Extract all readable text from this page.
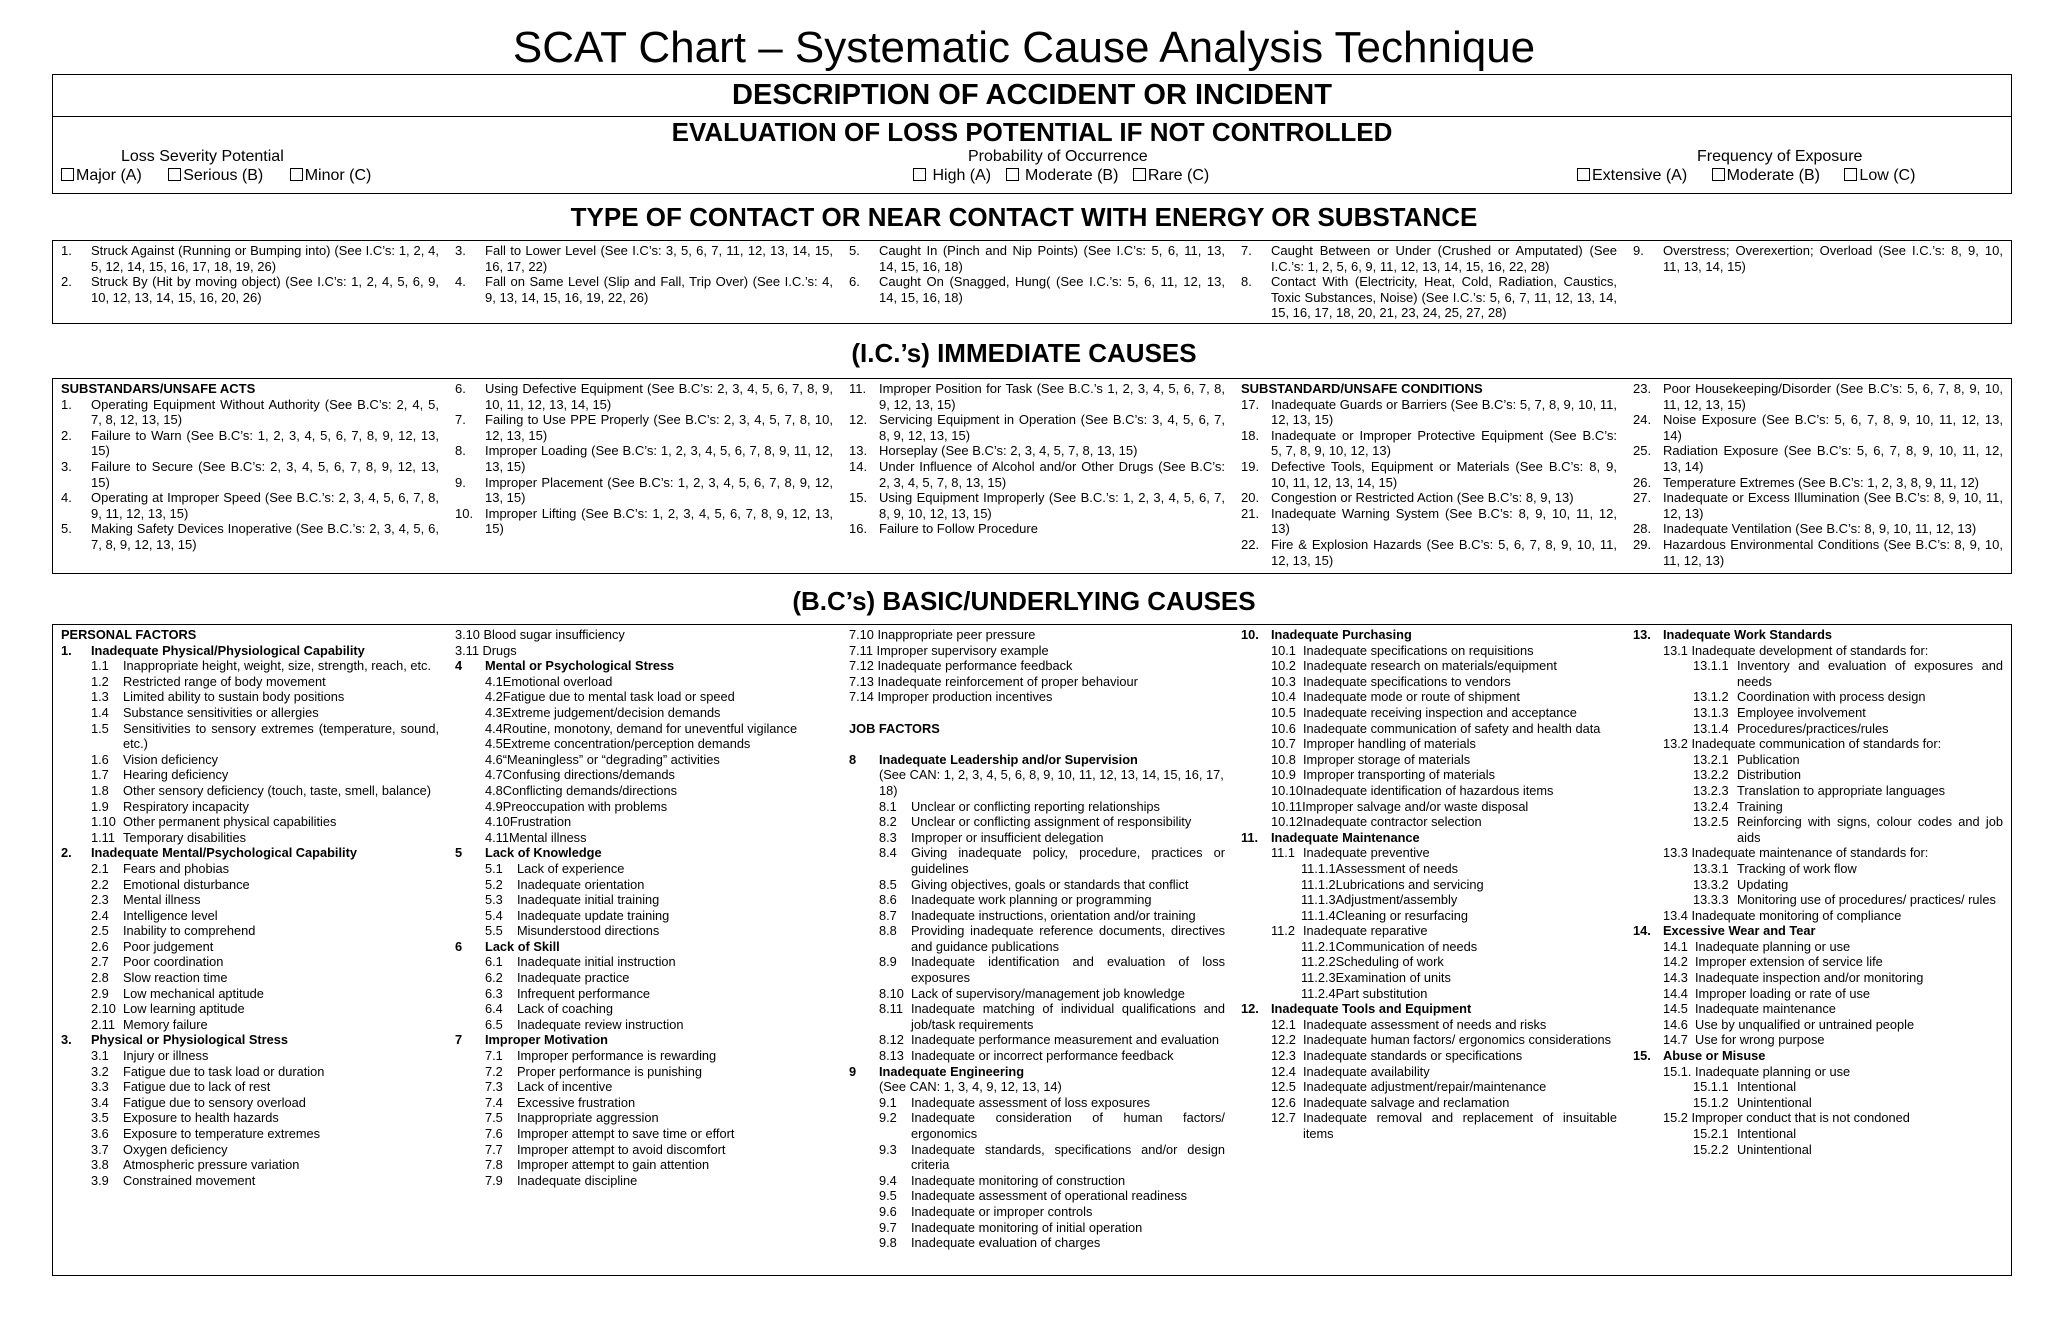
SCAT Chart – Systematic Cause Analysis Technique
DESCRIPTION OF ACCIDENT OR INCIDENT
EVALUATION OF LOSS POTENTIAL IF NOT CONTROLLED
Loss Severity Potential
Major (A)	Serious (B)	Minor (C)
Probability of Occurrence
High (A) Moderate (B) Rare (C)
Frequency of Exposure
Extensive (A) Moderate (B) Low (C)
TYPE OF CONTACT OR NEAR CONTACT WITH ENERGY OR SUBSTANCE
1.	Struck Against (Running or Bumping into) (See I.C’s: 1, 2, 4, 5, 12, 14, 15, 16, 17, 18, 19, 26)
2.	Struck By (Hit by moving object) (See I.C’s: 1, 2, 4, 5, 6, 9, 10, 12, 13, 14, 15, 16, 20, 26)
3.	Fall to Lower Level (See I.C’s: 3, 5, 6, 7, 11, 12, 13, 14, 15, 16, 17, 22)
4.	Fall on Same Level (Slip and Fall, Trip Over) (See I.C.’s: 4, 9, 13, 14, 15, 16, 19, 22, 26)
5.	Caught In (Pinch and Nip Points) (See I.C’s: 5, 6, 11, 13, 14, 15, 16, 18)
6.	Caught On (Snagged, Hung( (See I.C.’s: 5, 6, 11, 12, 13, 14, 15, 16, 18)
7.	Caught Between or Under (Crushed or Amputated) (See I.C.’s: 1, 2, 5, 6, 9, 11, 12, 13, 14, 15, 16, 22, 28)
8.	Contact With (Electricity, Heat, Cold, Radiation, Caustics, Toxic Substances, Noise) (See I.C.’s: 5, 6, 7, 11, 12, 13, 14, 15, 16, 17, 18, 20, 21, 23, 24, 25, 27, 28)
9.	Overstress; Overexertion; Overload (See I.C.’s: 8, 9, 10, 11, 13, 14, 15)
(I.C.’s) IMMEDIATE CAUSES
SUBSTANDARS/UNSAFE ACTS
1.	Operating Equipment Without Authority (See B.C’s: 2, 4, 5, 7, 8, 12, 13, 15)
2.	Failure to Warn (See B.C’s: 1, 2, 3, 4, 5, 6, 7, 8, 9, 12, 13, 15)
3.	Failure to Secure (See B.C’s: 2, 3, 4, 5, 6, 7, 8, 9, 12, 13, 15)
4.	Operating at Improper Speed (See B.C.’s: 2, 3, 4, 5, 6, 7, 8, 9, 11, 12, 13, 15)
5.	Making Safety Devices Inoperative (See B.C.’s: 2, 3, 4, 5, 6, 7, 8, 9, 12, 13, 15)
6.	Using Defective Equipment (See B.C’s: 2, 3, 4, 5, 6, 7, 8, 9, 10, 11, 12, 13, 14, 15)
7.	Failing to Use PPE Properly (See B.C’s: 2, 3, 4, 5, 7, 8, 10, 12, 13, 15)
8.	Improper Loading (See B.C’s: 1, 2, 3, 4, 5, 6, 7, 8, 9, 11, 12, 13, 15)
9.	Improper Placement (See B.C’s: 1, 2, 3, 4, 5, 6, 7, 8, 9, 12, 13, 15)
10. Improper Lifting (See B.C’s: 1, 2, 3, 4, 5, 6, 7, 8, 9, 12, 13, 15)
11. Improper Position for Task (See B.C.’s 1, 2, 3, 4, 5, 6, 7, 8, 9, 12, 13, 15)
12. Servicing Equipment in Operation (See B.C’s: 3, 4, 5, 6, 7, 8, 9, 12, 13, 15)
13. Horseplay (See B.C’s: 2, 3, 4, 5, 7, 8, 13, 15)
14. Under Influence of Alcohol and/or Other Drugs (See B.C’s: 2, 3, 4, 5, 7, 8, 13, 15)
15. Using Equipment Improperly (See B.C.’s: 1, 2, 3, 4, 5, 6, 7, 8, 9, 10, 12, 13, 15)
16. Failure to Follow Procedure
SUBSTANDARD/UNSAFE CONDITIONS
17. Inadequate Guards or Barriers (See B.C’s: 5, 7, 8, 9, 10, 11, 12, 13, 15)
18. Inadequate or Improper Protective Equipment (See B.C’s: 5, 7, 8, 9, 10, 12, 13)
19. Defective Tools, Equipment or Materials (See B.C’s: 8, 9, 10, 11, 12, 13, 14, 15)
20. Congestion or Restricted Action (See B.C’s: 8, 9, 13)
21. Inadequate Warning System (See B.C’s: 8, 9, 10, 11, 12, 13)
22. Fire & Explosion Hazards (See B.C’s: 5, 6, 7, 8, 9, 10, 11, 12, 13, 15)
23. Poor Housekeeping/Disorder (See B.C’s: 5, 6, 7, 8, 9, 10, 11, 12, 13, 15)
24. Noise Exposure (See B.C’s: 5, 6, 7, 8, 9, 10, 11, 12, 13, 14)
25. Radiation Exposure (See B.C’s: 5, 6, 7, 8, 9, 10, 11, 12, 13, 14)
26. Temperature Extremes (See B.C’s: 1, 2, 3, 8, 9, 11, 12)
27. Inadequate or Excess Illumination (See B.C’s: 8, 9, 10, 11, 12, 13)
28. Inadequate Ventilation (See B.C’s: 8, 9, 10, 11, 12, 13)
29. Hazardous Environmental Conditions (See B.C’s: 8, 9, 10, 11, 12, 13)
(B.C’s) BASIC/UNDERLYING CAUSES
PERSONAL FACTORS
1.	Inadequate Physical/Physiological Capability
1.1	Inappropriate height, weight, size, strength, reach, etc.
1.2	Restricted range of body movement
1.3	Limited ability to sustain body positions
1.4	Substance sensitivities or allergies
1.5	Sensitivities to sensory extremes (temperature, sound, etc.)
1.6	Vision deficiency
1.7	Hearing deficiency
1.8	Other sensory deficiency (touch, taste, smell, balance)
1.9	Respiratory incapacity
1.10 Other permanent physical capabilities
1.11 Temporary disabilities
2.	Inadequate Mental/Psychological Capability
2.1	Fears and phobias
2.2	Emotional disturbance
2.3	Mental illness
2.4	Intelligence level
2.5	Inability to comprehend
2.6	Poor judgement
2.7	Poor coordination
2.8	Slow reaction time
2.9	Low mechanical aptitude
2.10 Low learning aptitude
2.11 Memory failure
3.	Physical or Physiological Stress
3.1	Injury or illness
3.2	Fatigue due to task load or duration
3.3	Fatigue due to lack of rest
3.4	Fatigue due to sensory overload
3.5	Exposure to health hazards
3.6	Exposure to temperature extremes
3.7	Oxygen deficiency
3.8	Atmospheric pressure variation
3.9	Constrained movement
3.10 Blood sugar insufficiency
3.11 Drugs
4	Mental or Psychological Stress
4.1Emotional overload
4.2Fatigue due to mental task load or speed
4.3Extreme judgement/decision demands
4.4Routine, monotony, demand for uneventful vigilance
4.5Extreme concentration/perception demands
4.6“Meaningless” or “degrading” activities
4.7Confusing directions/demands
4.8Conflicting demands/directions
4.9Preoccupation with problems
4.10Frustration
4.11Mental illness
5	Lack of Knowledge
5.1	Lack of experience
5.2	Inadequate orientation
5.3	Inadequate initial training
5.4	Inadequate update training
5.5	Misunderstood directions
6	Lack of Skill
6.1	Inadequate initial instruction
6.2	Inadequate practice
6.3	Infrequent performance
6.4	Lack of coaching
6.5	Inadequate review instruction
7	Improper Motivation
7.1	Improper performance is rewarding
7.2	Proper performance is punishing
7.3	Lack of incentive
7.4	Excessive frustration
7.5	Inappropriate aggression
7.6	Improper attempt to save time or effort
7.7	Improper attempt to avoid discomfort
7.8	Improper attempt to gain attention
7.9	Inadequate discipline
7.10 Inappropriate peer pressure
7.11 Improper supervisory example
7.12 Inadequate performance feedback
7.13 Inadequate reinforcement of proper behaviour
7.14 Improper production incentives
JOB FACTORS
8	Inadequate Leadership and/or Supervision
(See CAN: 1, 2, 3, 4, 5, 6, 8, 9, 10, 11, 12, 13, 14, 15, 16, 17, 18)
8.1	Unclear or conflicting reporting relationships
8.2	Unclear or conflicting assignment of responsibility
8.3	Improper or insufficient delegation
8.4	Giving inadequate policy, procedure, practices or guidelines
8.5	Giving objectives, goals or standards that conflict
8.6	Inadequate work planning or programming
8.7	Inadequate instructions, orientation and/or training
8.8	Providing inadequate reference documents, directives and guidance publications
8.9	Inadequate identification and evaluation of loss exposures
8.10 Lack of supervisory/management job knowledge
8.11 Inadequate matching of individual qualifications and job/task requirements
8.12 Inadequate performance measurement and evaluation
8.13 Inadequate or incorrect performance feedback
9	Inadequate Engineering
(See CAN: 1, 3, 4, 9, 12, 13, 14)
9.1	Inadequate assessment of loss exposures
9.2	Inadequate consideration of human factors/ ergonomics
9.3	Inadequate standards, specifications and/or design criteria
9.4	Inadequate monitoring of construction
9.5	Inadequate assessment of operational readiness
9.6	Inadequate or improper controls
9.7	Inadequate monitoring of initial operation
9.8	Inadequate evaluation of charges
10. Inadequate Purchasing
10.1 Inadequate specifications on requisitions
10.2 Inadequate research on materials/equipment
10.3 Inadequate specifications to vendors
10.4 Inadequate mode or route of shipment
10.5 Inadequate receiving inspection and acceptance
10.6 Inadequate communication of safety and health data
10.7 Improper handling of materials
10.8 Improper storage of materials
10.9 Improper transporting of materials
10.10Inadequate identification of hazardous items
10.11Improper salvage and/or waste disposal
10.12Inadequate contractor selection
11.	Inadequate Maintenance
11.1 Inadequate preventive
11.1.1Assessment of needs
11.1.2Lubrications and servicing
11.1.3Adjustment/assembly
11.1.4Cleaning or resurfacing
11.2 Inadequate reparative
11.2.1Communication of needs
11.2.2Scheduling of work
11.2.3Examination of units
11.2.4Part substitution
12. Inadequate Tools and Equipment
12.1 Inadequate assessment of needs and risks
12.2 Inadequate human factors/ ergonomics considerations
12.3 Inadequate standards or specifications
12.4 Inadequate availability
12.5 Inadequate adjustment/repair/maintenance
12.6 Inadequate salvage and reclamation
12.7 Inadequate removal and replacement of insuitable items
13. Inadequate Work Standards
13.1 Inadequate development of standards for:
13.1.1 Inventory and evaluation of exposures and needs
13.1.2 Coordination with process design
13.1.3 Employee involvement
13.1.4 Procedures/practices/rules
13.2 Inadequate communication of standards for:
13.2.1 Publication
13.2.2 Distribution
13.2.3 Translation to appropriate languages
13.2.4 Training
13.2.5 Reinforcing with signs, colour codes and job aids
13.3 Inadequate maintenance of standards for:
13.3.1 Tracking of work flow
13.3.2 Updating
13.3.3 Monitoring use of procedures/ practices/ rules
13.4 Inadequate monitoring of compliance
14. Excessive Wear and Tear
14.1 Inadequate planning or use
14.2 Improper extension of service life
14.3 Inadequate inspection and/or monitoring
14.4 Improper loading or rate of use
14.5 Inadequate maintenance
14.6 Use by unqualified or untrained people
14.7 Use for wrong purpose
15. Abuse or Misuse
15.1. Inadequate planning or use
15.1.1 Intentional
15.1.2 Unintentional
15.2 Improper conduct that is not condoned
15.2.1 Intentional
15.2.2 Unintentional
